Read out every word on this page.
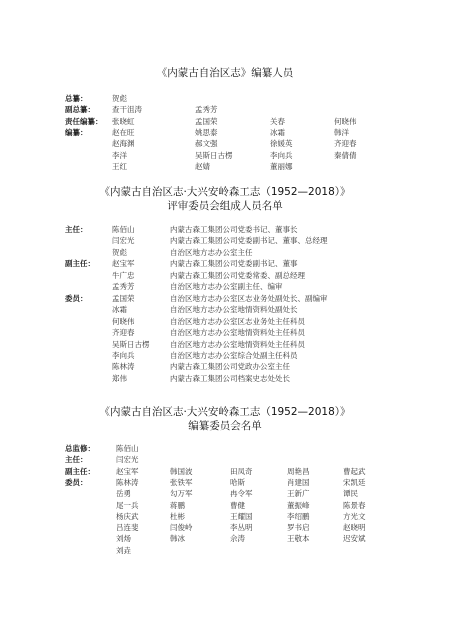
《内蒙古自治区志》编纂人员
总纂：	贺彪
副总纂： 查干沮涛	孟秀芳
责任编纂： 张晓虹	孟国荣	关春	何晓伟
编纂：	赵在旺	姚思泰	冰霜	韩洋
赵海渊	郝文强	徐媛英	齐迎春
李洋	吴斯日古楞	李向兵	秦倩倩
王红	赵婧	董丽娜
《内蒙古自治区志·大兴安岭森工志（1952—2018）》
评审委员会组成人员名单
主任：	陈佰山	内蒙古森工集团公司党委书记、董事长
闫宏光	内蒙古森工集团公司党委副书记、董事、总经理
贺彪	自治区地方志办公室主任
副主任： 赵宝军	内蒙古森工集团公司党委副书记、董事
牛广忠	内蒙古森工集团公司党委常委、副总经理
孟秀芳	自治区地方志办公室副主任、编审
委员：	孟国荣	自治区地方志办公室区志业务处副处长、副编审
冰霜	自治区地方志办公室地情资料处副处长
何晓伟	自治区地方志办公室区志业务处主任科员
齐迎春	自治区地方志办公室地情资料处主任科员
吴斯日古楞	自治区地方志办公室地情资料处主任科员
李向兵	自治区地方志办公室综合处副主任科员
陈林涛	内蒙古森工集团公司党政办公室主任
郑伟	内蒙古森工集团公司档案史志处处长
《内蒙古自治区志·大兴安岭森工志（1952—2018）》
编纂委员会名单
总监修：	陈佰山
主任：	闫宏光
副主任：	赵宝军	韩国波	田凤奇	周艳昌	曹起武
委员：	陈林涛	张铁军	哈斯	肖建国	宋凯廷
岳勇	勾万军	冉令军	王新广	谭民
尾一兵	蒋鹏	曹健	董振峰	陈景春
杨庆武	杜彬	王耀国	李绍鹏	方光文
吕连斐	闫俊岭	李丛明	罗书启	赵晓明
刘炀	韩冰	佘涛	王敬本	迟安斌
刘垚
